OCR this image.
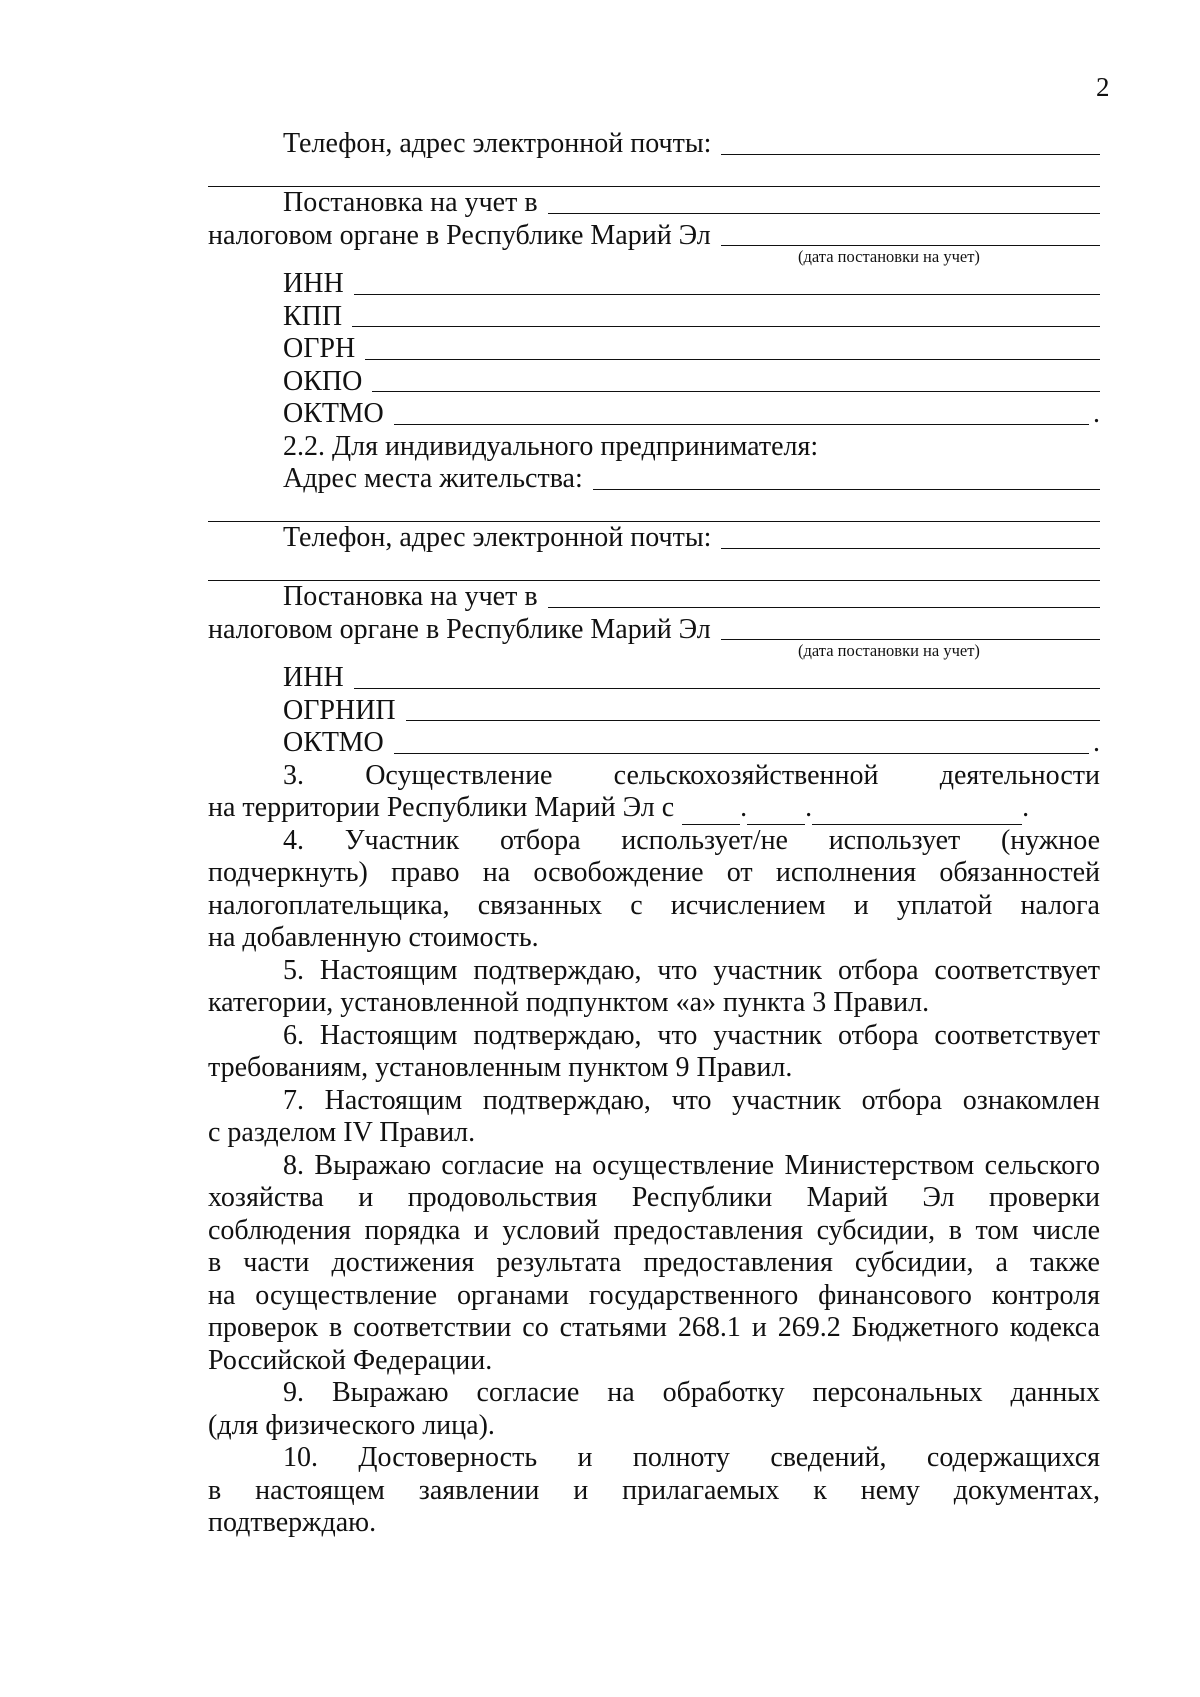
2
Телефон, адрес электронной почты:
Постановка на учет в
налоговом органе в Республике Марий Эл
(дата постановки на учет)
ИНН
КПП
ОГРН
ОКПО
ОКТМО	.
2.2. Для индивидуального предпринимателя:
Адрес места жительства:
Телефон, адрес электронной почты:
Постановка на учет в
налоговом органе в Республике Марий Эл
(дата постановки на учет)
ИНН
ОГРНИП
ОКТМО	.
3. Осуществление сельскохозяйственной деятельности
на территории Республики Марий Эл с . .	.
4. Участник отбора использует/не использует (нужное
подчеркнуть) право на освобождение от исполнения обязанностей
налогоплательщика, связанных с исчислением и уплатой налога
на добавленную стоимость.
5. Настоящим подтверждаю, что участник отбора соответствует
категории, установленной подпунктом «а» пункта 3 Правил.
6. Настоящим подтверждаю, что участник отбора соответствует
требованиям, установленным пунктом 9 Правил.
7. Настоящим подтверждаю, что участник отбора ознакомлен
с разделом IV Правил.
8. Выражаю согласие на осуществление Министерством сельского
хозяйства и продовольствия Республики Марий Эл проверки
соблюдения порядка и условий предоставления субсидии, в том числе
в части достижения результата предоставления субсидии, а также
на осуществление органами государственного финансового контроля
проверок в соответствии со статьями 268.1 и 269.2 Бюджетного кодекса
Российской Федерации.
9. Выражаю согласие на обработку персональных данных
(для физического лица).
10. Достоверность и полноту сведений, содержащихся
в настоящем заявлении и прилагаемых к нему документах,
подтверждаю.
